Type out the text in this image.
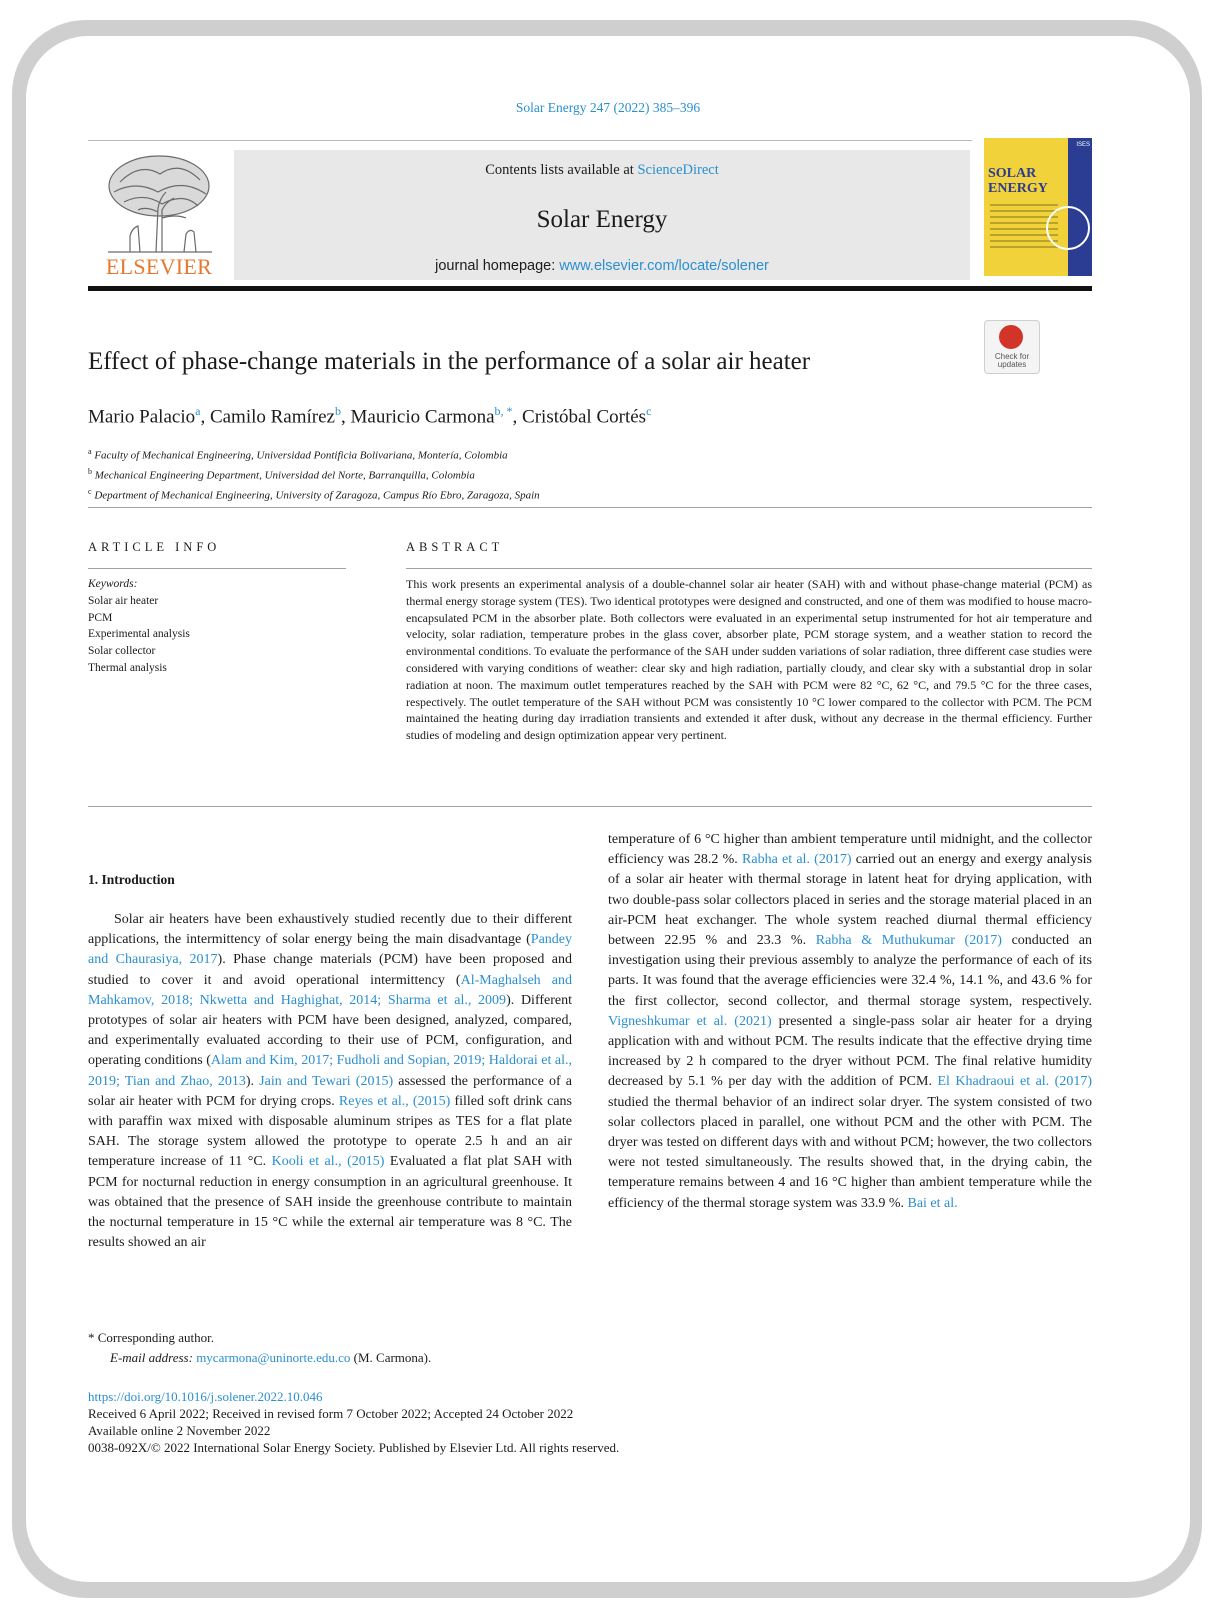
Solar Energy 247 (2022) 385–396
ELSEVIER
Contents lists available at ScienceDirect
Solar Energy
journal homepage: www.elsevier.com/locate/solener
ISES
SOLAR
ENERGY
Check for
updates
Effect of phase-change materials in the performance of a solar air heater
Mario Palacio$^a$, Camilo Ramírez$^b$, Mauricio Carmona$^{b, *}$, Cristóbal Cortés$^c$
$^a$ Faculty of Mechanical Engineering, Universidad Pontificia Bolivariana, Montería, Colombia
$^b$ Mechanical Engineering Department, Universidad del Norte, Barranquilla, Colombia
$^c$ Department of Mechanical Engineering, University of Zaragoza, Campus Río Ebro, Zaragoza, Spain
ARTICLE INFO	ABSTRACT
Keywords:
Solar air heater
PCM
Experimental analysis
Solar collector
Thermal analysis
This work presents an experimental analysis of a double-channel solar air heater (SAH) with and without phase-change material (PCM) as thermal energy storage system (TES). Two identical prototypes were designed and constructed, and one of them was modified to house macro- encapsulated PCM in the absorber plate. Both collectors were evaluated in an experimental setup instrumented for hot air temperature and velocity, solar radiation, temperature probes in the glass cover, absorber plate, PCM storage system, and a weather station to record the environmental conditions. To evaluate the performance of the SAH under sudden variations of solar radiation, three different case studies were considered with varying conditions of weather: clear sky and high radiation, partially cloudy, and clear sky with a substantial drop in solar radiation at noon. The maximum outlet temperatures reached by the SAH with PCM were 82 °C, 62 °C, and 79.5 °C for the three cases, respectively. The outlet temperature of the SAH without PCM was consistently 10 °C lower compared to the collector with PCM. The PCM maintained the heating during day irradiation transients and extended it after dusk, without any decrease in the thermal efficiency. Further studies of modeling and design optimization appear very pertinent.
1. Introduction
Solar air heaters have been exhaustively studied recently due to their different applications, the intermittency of solar energy being the main disadvantage (Pandey and Chaurasiya, 2017). Phase change materials (PCM) have been proposed and studied to cover it and avoid operational intermittency (Al-Maghalseh and Mahkamov, 2018; Nkwetta and Haghighat, 2014; Sharma et al., 2009). Different prototypes of solar air heaters with PCM have been designed, analyzed, compared, and experimentally evaluated according to their use of PCM, configuration, and operating conditions (Alam and Kim, 2017; Fudholi and Sopian, 2019; Haldorai et al., 2019; Tian and Zhao, 2013). Jain and Tewari (2015) assessed the performance of a solar air heater with PCM for drying crops. Reyes et al., (2015) filled soft drink cans with paraffin wax mixed with disposable aluminum stripes as TES for a flat plate SAH. The storage system allowed the prototype to operate 2.5 h and an air temperature increase of 11 °C. Kooli et al., (2015) Evaluated a flat plat SAH with PCM for nocturnal reduction in energy consumption in an agricultural greenhouse. It was obtained that the presence of SAH inside the greenhouse contribute to maintain the nocturnal temperature in 15 °C while the external air temperature was 8 °C. The results showed an air
temperature of 6 °C higher than ambient temperature until midnight, and the collector efficiency was 28.2 %. Rabha et al. (2017) carried out an energy and exergy analysis of a solar air heater with thermal storage in latent heat for drying application, with two double-pass solar collectors placed in series and the storage material placed in an air-PCM heat exchanger. The whole system reached diurnal thermal efficiency between 22.95 % and 23.3 %. Rabha & Muthukumar (2017) conducted an investigation using their previous assembly to analyze the performance of each of its parts. It was found that the average efficiencies were 32.4 %, 14.1 %, and 43.6 % for the first collector, second collector, and thermal storage system, respectively. Vigneshkumar et al. (2021) presented a single-pass solar air heater for a drying application with and without PCM. The results indicate that the effective drying time increased by 2 h compared to the dryer without PCM. The final relative humidity decreased by 5.1 % per day with the addition of PCM. El Khadraoui et al. (2017) studied the thermal behavior of an indirect solar dryer. The system consisted of two solar collectors placed in parallel, one without PCM and the other with PCM. The dryer was tested on different days with and without PCM; however, the two collectors were not tested simultaneously. The results showed that, in the drying cabin, the temperature remains between 4 and 16 °C higher than ambient temperature while the efficiency of the thermal storage system was 33.9 %. Bai et al.
* Corresponding author.
E-mail address: mycarmona@uninorte.edu.co (M. Carmona).
https://doi.org/10.1016/j.solener.2022.10.046
Received 6 April 2022; Received in revised form 7 October 2022; Accepted 24 October 2022
Available online 2 November 2022
0038-092X/© 2022 International Solar Energy Society. Published by Elsevier Ltd. All rights reserved.
